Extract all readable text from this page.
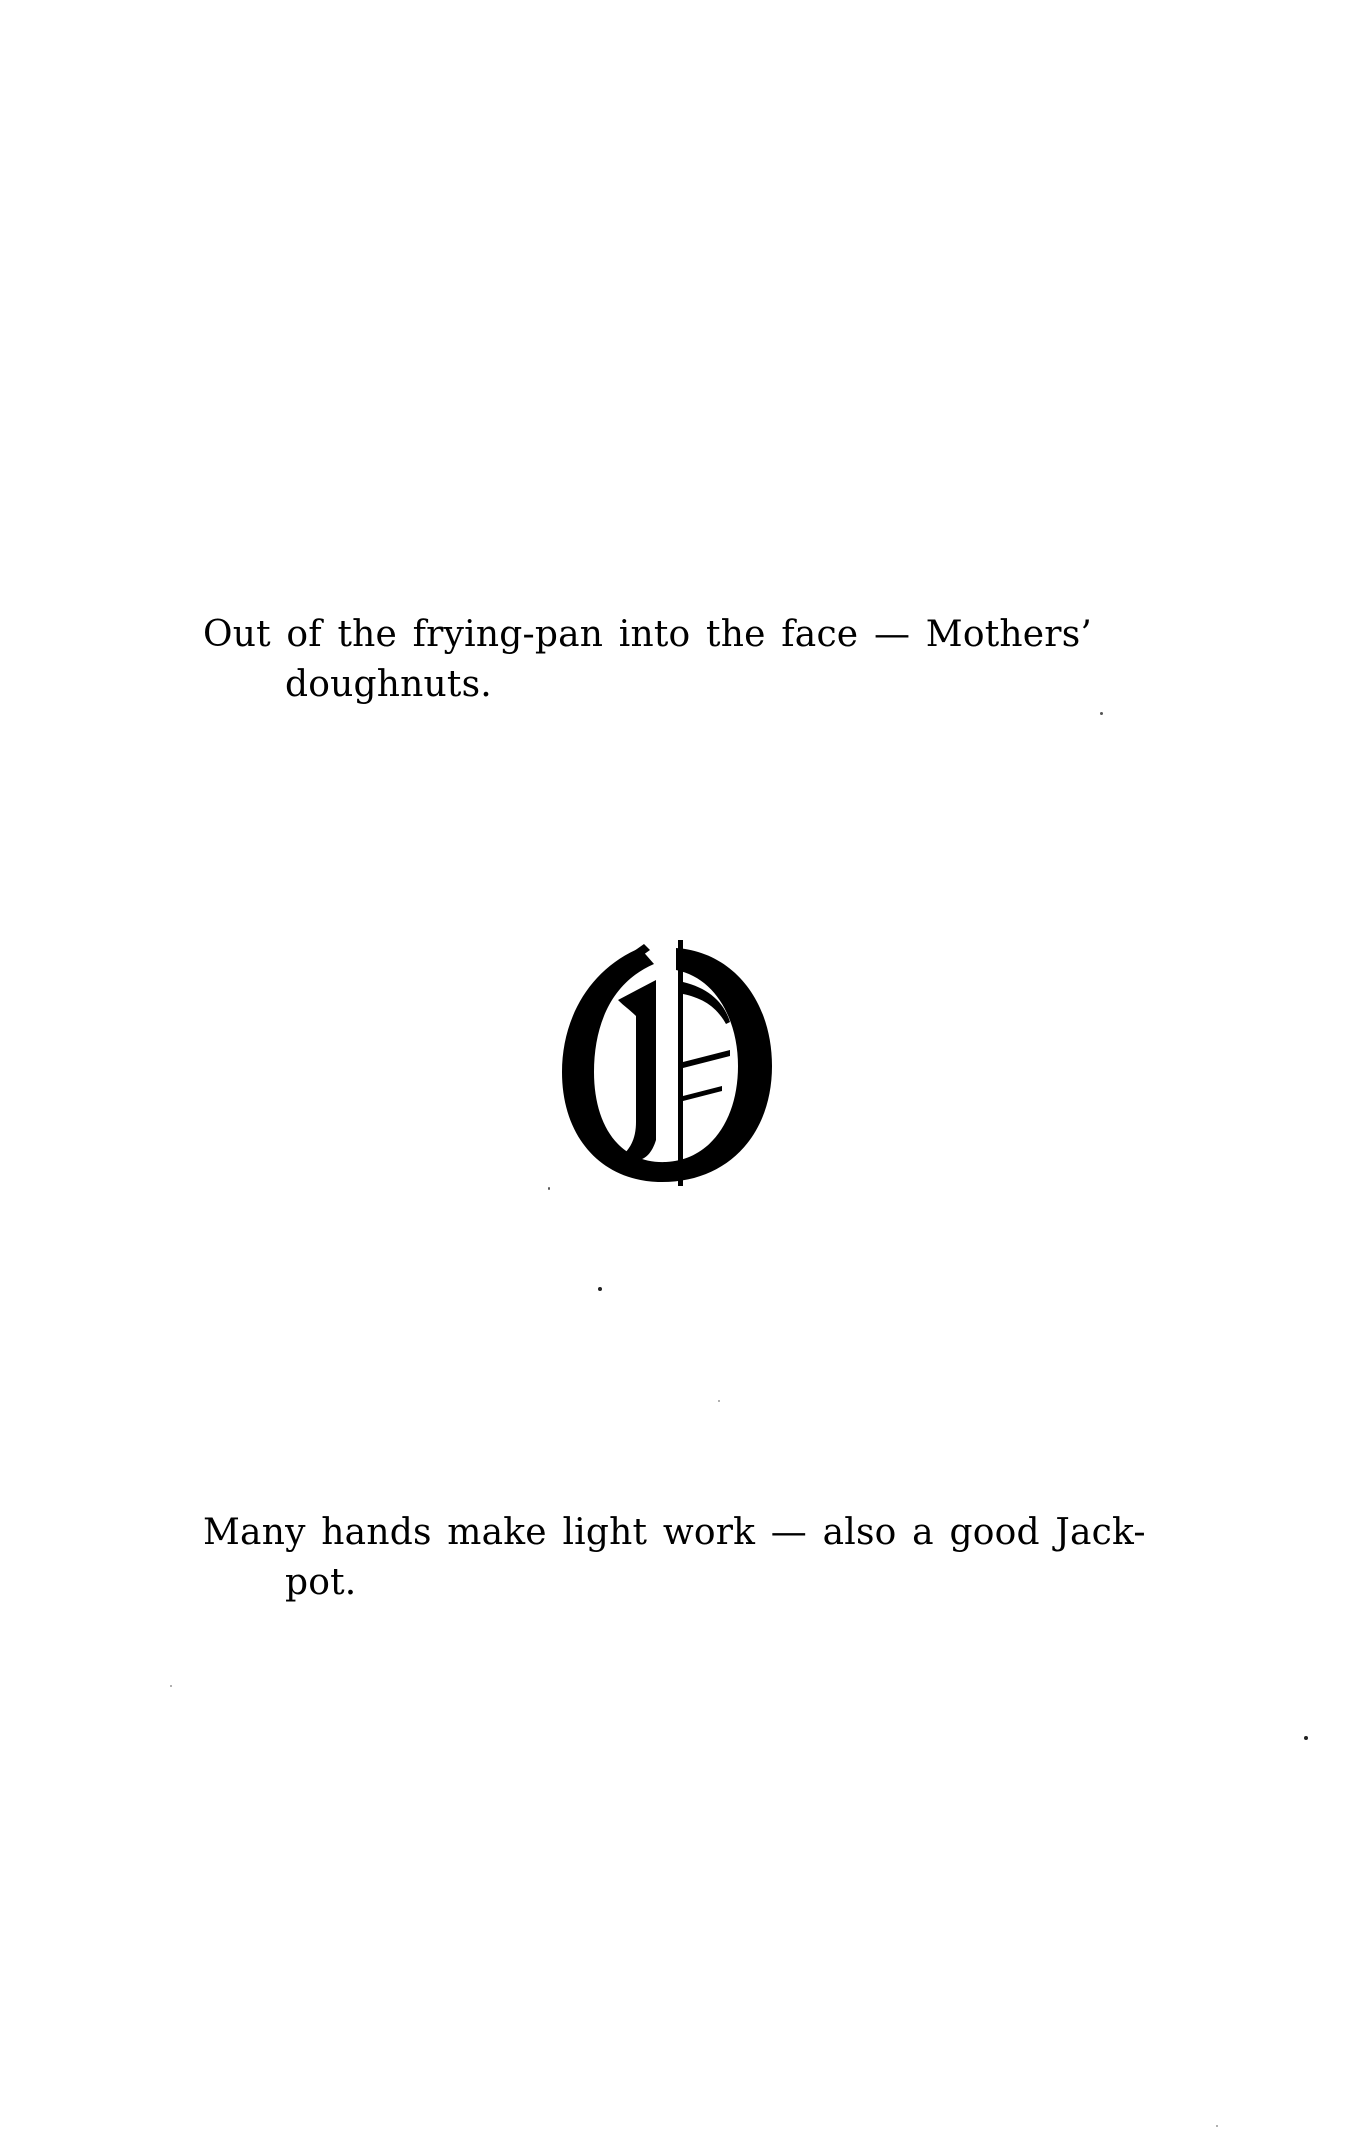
Out of the frying-pan into the face — Mothers’
doughnuts.
Many hands make light work — also a good Jack-
pot.
